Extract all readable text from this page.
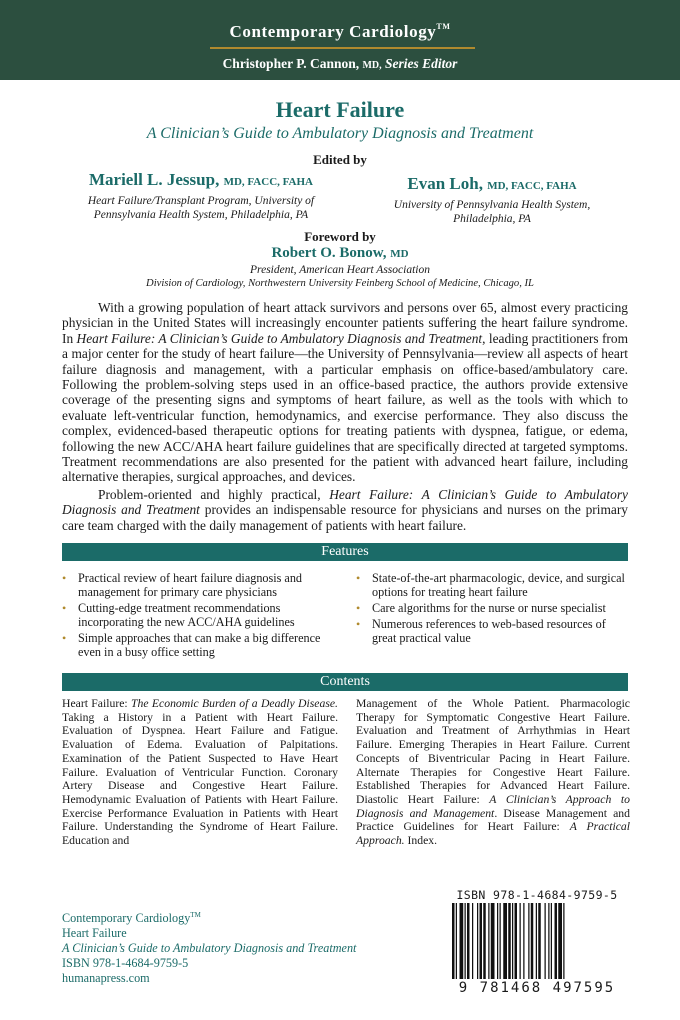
Contemporary Cardiology™
Christopher P. Cannon, MD, Series Editor
Heart Failure
A Clinician’s Guide to Ambulatory Diagnosis and Treatment
Edited by
Mariell L. Jessup, MD, FACC, FAHA
Heart Failure/Transplant Program, University of
Pennsylvania Health System, Philadelphia, PA
Evan Loh, MD, FACC, FAHA
University of Pennsylvania Health System,
Philadelphia, PA
Foreword by
Robert O. Bonow, MD
President, American Heart Association
Division of Cardiology, Northwestern University Feinberg School of Medicine, Chicago, IL

With a growing population of heart attack survivors and persons over 65, almost every practicing physician in the United States will increasingly encounter patients suffering the heart failure syndrome. In Heart Failure: A Clinician’s Guide to Ambulatory Diagnosis and Treatment, leading practitioners from a major center for the study of heart failure—the University of Pennsylvania—review all aspects of heart failure diagnosis and management, with a particular emphasis on office-based/ambulatory care. Following the problem-solving steps used in an office-based practice, the authors provide extensive coverage of the presenting signs and symptoms of heart failure, as well as the tools with which to evaluate left-ventricular function, hemodynamics, and exercise performance. They also discuss the complex, evidenced-based therapeutic options for treating patients with dyspnea, fatigue, or edema, following the new ACC/AHA heart failure guidelines that are specifically directed at targeted symptoms. Treatment recommendations are also presented for the patient with advanced heart failure, including alternative therapies, surgical approaches, and devices.

Problem-oriented and highly practical, Heart Failure: A Clinician’s Guide to Ambulatory Diagnosis and Treatment provides an indispensable resource for physicians and nurses on the primary care team charged with the daily management of patients with heart failure.

Features
• Practical review of heart failure diagnosis and management for primary care physicians
• Cutting-edge treatment recommendations incorporating the new ACC/AHA guidelines
• Simple approaches that can make a big difference even in a busy office setting
• State-of-the-art pharmacologic, device, and surgical options for treating heart failure
• Care algorithms for the nurse or nurse specialist
• Numerous references to web-based resources of great practical value
Contents
Heart Failure: The Economic Burden of a Deadly Disease. Taking a History in a Patient with Heart Failure. Evaluation of Dyspnea. Heart Failure and Fatigue. Evaluation of Edema. Evaluation of Palpitations. Examination of the Patient Suspected to Have Heart Failure. Evaluation of Ventricular Function. Coronary Artery Disease and Congestive Heart Failure. Hemodynamic Evaluation of Patients with Heart Failure. Exercise Performance Evaluation in Patients with Heart Failure. Understanding the Syndrome of Heart Failure. Education and
Management of the Whole Patient. Pharmacologic Therapy for Symptomatic Congestive Heart Failure. Evaluation and Treatment of Arrhythmias in Heart Failure. Emerging Therapies in Heart Failure. Current Concepts of Biventricular Pacing in Heart Failure. Alternate Therapies for Congestive Heart Failure. Established Therapies for Advanced Heart Failure. Diastolic Heart Failure: A Clinician’s Approach to Diagnosis and Management. Disease Management and Practice Guidelines for Heart Failure: A Practical Approach. Index.
Contemporary Cardiology™
Heart Failure
A Clinician’s Guide to Ambulatory Diagnosis and Treatment
ISBN 978-1-4684-9759-5
humanapress.com
ISBN 978-1-4684-9759-5
9 781468 497595
